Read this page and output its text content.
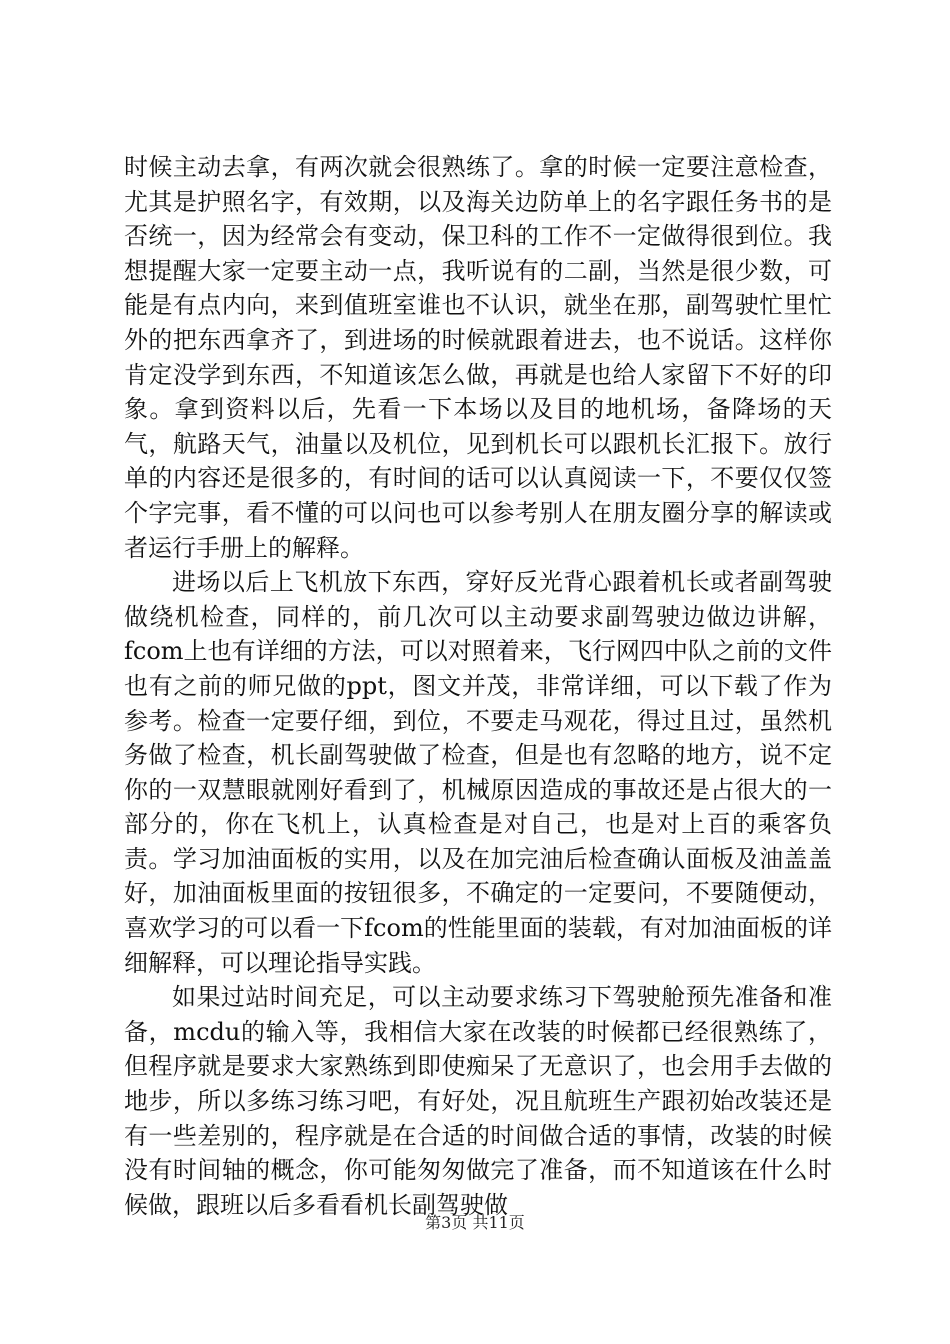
时候主动去拿，有两次就会很熟练了。拿的时候一定要注意检查，尤其是护照名字，有效期，以及海关边防单上的名字跟任务书的是否统一，因为经常会有变动，保卫科的工作不一定做得很到位。我想提醒大家一定要主动一点，我听说有的二副，当然是很少数，可能是有点内向，来到值班室谁也不认识，就坐在那，副驾驶忙里忙外的把东西拿齐了，到进场的时候就跟着进去，也不说话。这样你肯定没学到东西，不知道该怎么做，再就是也给人家留下不好的印象。拿到资料以后，先看一下本场以及目的地机场，备降场的天气，航路天气，油量以及机位，见到机长可以跟机长汇报下。放行单的内容还是很多的，有时间的话可以认真阅读一下，不要仅仅签个字完事，看不懂的可以问也可以参考别人在朋友圈分享的解读或者运行手册上的解释。

进场以后上飞机放下东西，穿好反光背心跟着机长或者副驾驶做绕机检查，同样的，前几次可以主动要求副驾驶边做边讲解，fcom上也有详细的方法，可以对照着来，飞行网四中队之前的文件也有之前的师兄做的ppt，图文并茂，非常详细，可以下载了作为参考。检查一定要仔细，到位，不要走马观花，得过且过，虽然机务做了检查，机长副驾驶做了检查，但是也有忽略的地方，说不定你的一双慧眼就刚好看到了，机械原因造成的事故还是占很大的一部分的，你在飞机上，认真检查是对自己，也是对上百的乘客负责。学习加油面板的实用，以及在加完油后检查确认面板及油盖盖好，加油面板里面的按钮很多，不确定的一定要问，不要随便动，喜欢学习的可以看一下fcom的性能里面的装载，有对加油面板的详细解释，可以理论指导实践。

如果过站时间充足，可以主动要求练习下驾驶舱预先准备和准备，mcdu的输入等，我相信大家在改装的时候都已经很熟练了，但程序就是要求大家熟练到即使痴呆了无意识了，也会用手去做的地步，所以多练习练习吧，有好处，况且航班生产跟初始改装还是有一些差别的，程序就是在合适的时间做合适的事情，改装的时候没有时间轴的概念，你可能匆匆做完了准备，而不知道该在什么时候做，跟班以后多看看机长副驾驶做

第3页 共11页
